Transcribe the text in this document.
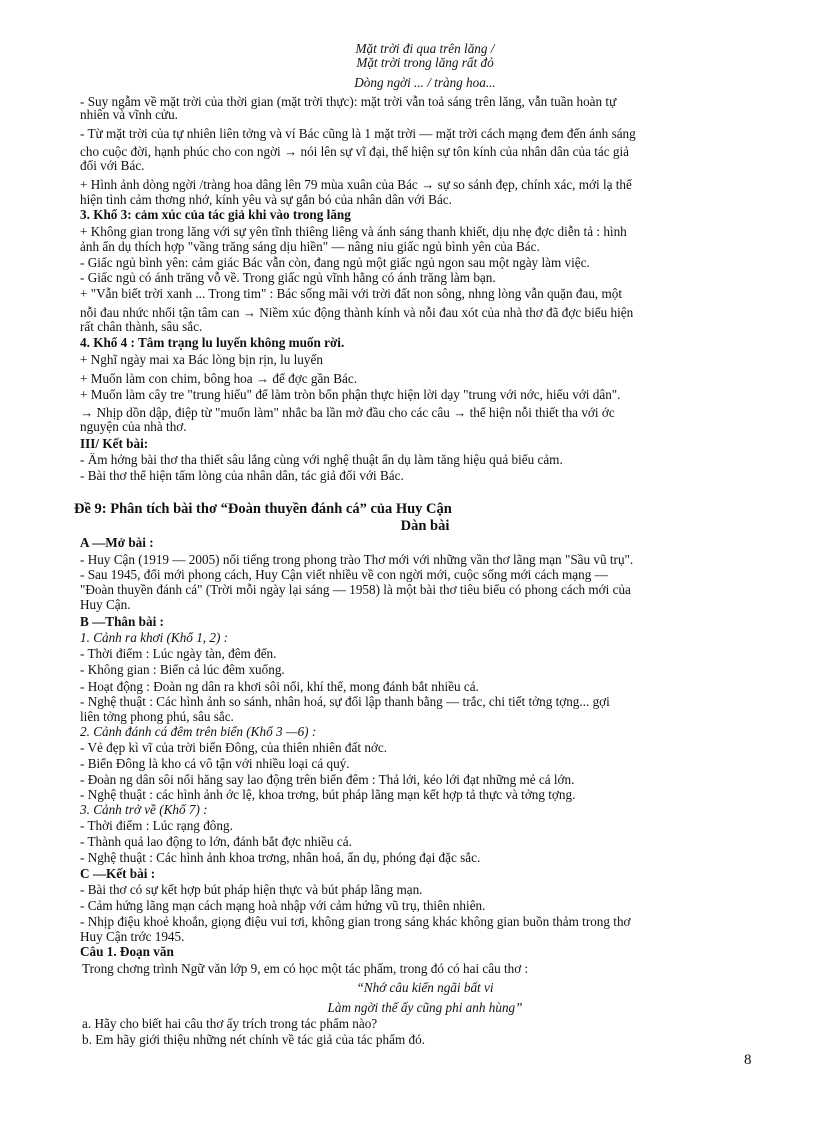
Mặt trời đi qua trên lăng /
Mặt trời trong lăng rất đỏ
Dòng ngời ... / tràng hoa...
- Suy ngẫm về mặt trời của thời gian (mặt trời thực): mặt trời vẫn toả sáng trên lăng, vẫn tuần hoàn tự
nhiên và vĩnh cửu.
- Từ mặt trời của tự nhiên liên tởng và ví Bác cũng là 1 mặt trời — mặt trời cách mạng đem đến ánh sáng
cho cuộc đời, hạnh phúc cho con ngời → nói lên sự vĩ đại, thể hiện sự tôn kính của nhân dân của tác giả
đối với Bác.
+ Hình ảnh dòng ngời /tràng hoa dâng lên 79 mùa xuân của Bác → sự so sánh đẹp, chính xác, mới lạ thể
hiện tình cảm thơng nhớ, kính yêu và sự gắn bó của nhân dân với Bác.
3. Khổ 3: cảm xúc của tác giả khi vào trong lăng
+ Không gian trong lăng với sự yên tĩnh thiêng liêng và ánh sáng thanh khiết, dịu nhẹ đợc diễn tả : hình
ảnh ẩn dụ thích hợp "vầng trăng sáng dịu hiền" — nâng niu giấc ngủ bình yên của Bác.
- Giấc ngủ bình yên: cảm giác Bác vẫn còn, đang ngủ một giấc ngủ ngon sau một ngày làm việc.
- Giấc ngủ có ánh trăng vỗ về. Trong giấc ngủ vĩnh hằng có ánh trăng làm bạn.
+ "Vẫn biết trời xanh ... Trong tim" : Bác sống mãi với trời đất non sông, nhng lòng vẫn quặn đau, một
nỗi đau nhức nhối tận tâm can → Niềm xúc động thành kính và nỗi đau xót của nhà thơ đã đợc biểu hiện
rất chân thành, sâu sắc.
4. Khổ 4 : Tâm trạng lu luyến không muốn rời.
+ Nghĩ ngày mai xa Bác lòng bịn rịn, lu luyến
+ Muốn làm con chim, bông hoa → để đợc gần Bác.
+ Muốn làm cây tre "trung hiếu" để làm tròn bổn phận thực hiện lời dạy "trung với nớc, hiếu với dân".
→ Nhịp dồn dập, điệp từ "muốn làm" nhắc ba lần mở đầu cho các câu → thể hiện nỗi thiết tha với ớc
nguyện của nhà thơ.
III/ Kết bài:
- Âm hởng bài thơ tha thiết sâu lắng cùng với nghệ thuật ẩn dụ làm tăng hiệu quả biểu cảm.
- Bài thơ thể hiện tấm lòng của nhân dân, tác giả đối với Bác.
Đề 9: Phân tích bài thơ “Đoàn thuyền đánh cá” của Huy Cận
Dàn bài
A —Mở bài :
- Huy Cận (1919 — 2005) nổi tiếng trong phong trào Thơ mới với những vần thơ lãng mạn "Sầu vũ trụ".
- Sau 1945, đổi mới phong cách, Huy Cận viết nhiều về con ngời mới, cuộc sống mới cách mạng —
"Đoàn thuyền đánh cá" (Trời mỗi ngày lại sáng — 1958) là một bài thơ tiêu biểu có phong cách mới của
Huy Cận.
B —Thân bài :
1. Cảnh ra khơi (Khổ 1, 2) :
- Thời điểm : Lúc ngày tàn, đêm đến.
- Không gian : Biển cả lúc đêm xuống.
- Hoạt động : Đoàn ng dân ra khơi sôi nổi, khí thế, mong đánh bắt nhiều cá.
- Nghệ thuật : Các hình ảnh so sánh, nhân hoá, sự đối lập thanh bằng — trắc, chi tiết tởng tợng... gợi
liên tởng phong phú, sâu sắc.
2. Cảnh đánh cá đêm trên biển (Khổ 3 —6) :
- Vẻ đẹp kì vĩ của trời biển Đông, của thiên nhiên đất nớc.
- Biển Đông là kho cá vô tận với nhiều loại cá quý.
- Đoàn ng dân sôi nổi hăng say lao động trên biển đêm : Thả lới, kéo lới đạt những mẻ cá lớn.
- Nghệ thuật : các hình ảnh ớc lệ, khoa trơng, bút pháp lãng mạn kết hợp tả thực và tởng tợng.
3. Cảnh trở về (Khổ 7) :
- Thời điểm : Lúc rạng đông.
- Thành quả lao động to lớn, đánh bắt đợc nhiều cá.
- Nghệ thuật : Các hình ảnh khoa trơng, nhân hoá, ẩn dụ, phóng đại đặc sắc.
C —Kết bài :
- Bài thơ có sự kết hợp bút pháp hiện thực và bút pháp lãng mạn.
- Cảm hứng lãng mạn cách mạng hoà nhập với cảm hứng vũ trụ, thiên nhiên.
- Nhịp điệu khoẻ khoắn, giọng điệu vui tơi, không gian trong sáng khác không gian buồn thảm trong thơ
Huy Cận trớc 1945.
Câu 1. Đoạn văn
Trong chơng trình Ngữ văn lớp 9, em có học một tác phẩm, trong đó có hai câu thơ :
“Nhớ câu kiến ngãi bất vi
Làm ngời thế ấy cũng phi anh hùng”
a. Hãy cho biết hai câu thơ ấy trích trong tác phẩm nào?
b. Em hãy giới thiệu những nét chính về tác giả của tác phẩm đó.
8
